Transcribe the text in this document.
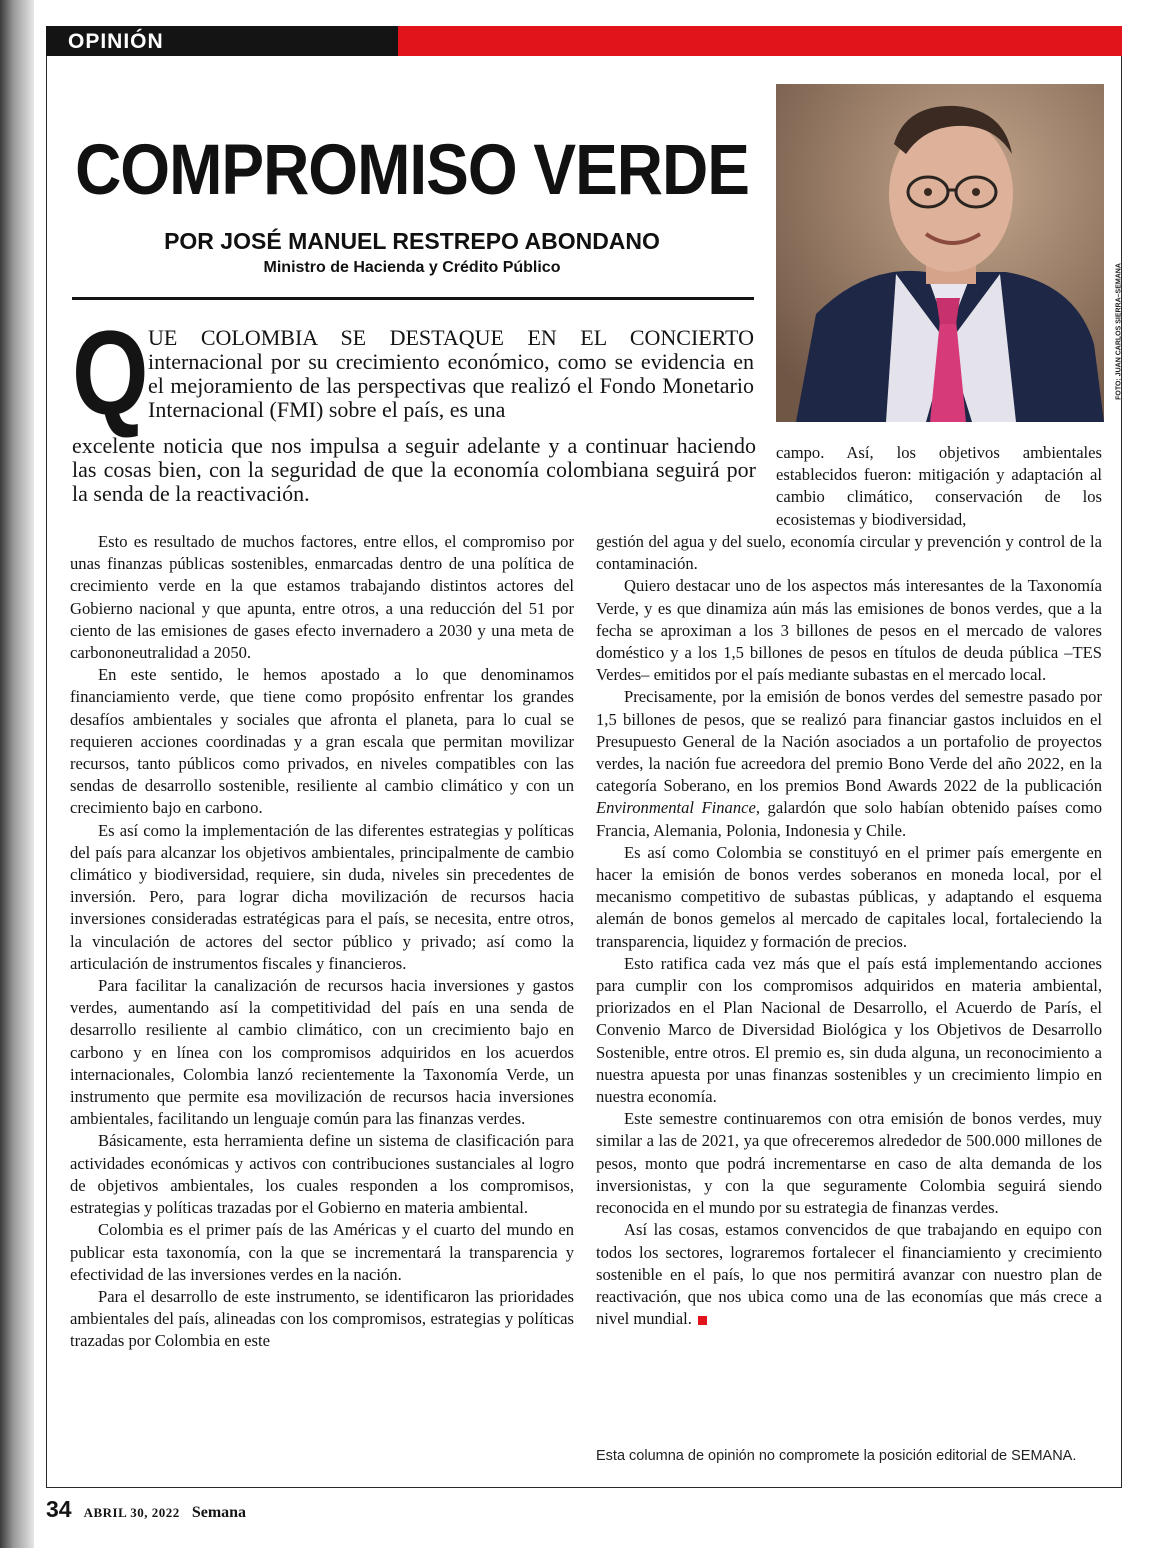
OPINIÓN
COMPROMISO VERDE
POR JOSÉ MANUEL RESTREPO ABONDANO
Ministro de Hacienda y Crédito Público	FOTO: JUAN CARLOS SIERRA–SEMANA
Q UE COLOMBIA SE DESTAQUE EN EL CONCIERTO internacional por su crecimiento económico, como se evidencia en el mejoramiento de las perspectivas que realizó el Fondo Monetario Internacional (FMI) sobre el país, es una

excelente noticia que nos impulsa a seguir adelante y a continuar haciendo las cosas bien, con la seguridad de que la economía colombiana seguirá por la senda de la reactivación.

Esto es resultado de muchos factores, entre ellos, el compromiso por unas finanzas públicas sostenibles, enmarcadas dentro de una política de crecimiento verde en la que estamos trabajando distintos actores del Gobierno nacional y que apunta, entre otros, a una reducción del 51 por ciento de las emisiones de gases efecto invernadero a 2030 y una meta de carbononeutralidad a 2050.

En este sentido, le hemos apostado a lo que denominamos financiamiento verde, que tiene como propósito enfrentar los grandes desafíos ambientales y sociales que afronta el planeta, para lo cual se requieren acciones coordinadas y a gran escala que permitan movilizar recursos, tanto públicos como privados, en niveles compatibles con las sendas de desarrollo sostenible, resiliente al cambio climático y con un crecimiento bajo en carbono.

Es así como la implementación de las diferentes estrategias y políticas del país para alcanzar los objetivos ambientales, principalmente de cambio climático y biodiversidad, requiere, sin duda, niveles sin precedentes de inversión. Pero, para lograr dicha movilización de recursos hacia inversiones consideradas estratégicas para el país, se necesita, entre otros, la vinculación de actores del sector público y privado; así como la articulación de instrumentos fiscales y financieros.

Para facilitar la canalización de recursos hacia inversiones y gastos verdes, aumentando así la competitividad del país en una senda de desarrollo resiliente al cambio climático, con un crecimiento bajo en carbono y en línea con los compromisos adquiridos en los acuerdos internacionales, Colombia lanzó recientemente la Taxonomía Verde, un instrumento que permite esa movilización de recursos hacia inversiones ambientales, facilitando un lenguaje común para las finanzas verdes.

Básicamente, esta herramienta define un sistema de clasificación para actividades económicas y activos con contribuciones sustanciales al logro de objetivos ambientales, los cuales responden a los compromisos, estrategias y políticas trazadas por el Gobierno en materia ambiental.

Colombia es el primer país de las Américas y el cuarto del mundo en publicar esta taxonomía, con la que se incrementará la transparencia y efectividad de las inversiones verdes en la nación.

Para el desarrollo de este instrumento, se identificaron las prioridades ambientales del país, alineadas con los compromisos, estrategias y políticas trazadas por Colombia en este

campo. Así, los objetivos ambientales establecidos fueron: mitigación y adaptación al cambio climático, conservación de los ecosistemas y biodiversidad,

gestión del agua y del suelo, economía circular y prevención y control de la contaminación.

Quiero destacar uno de los aspectos más interesantes de la Taxonomía Verde, y es que dinamiza aún más las emisiones de bonos verdes, que a la fecha se aproximan a los 3 billones de pesos en el mercado de valores doméstico y a los 1,5 billones de pesos en títulos de deuda pública –TES Verdes– emitidos por el país mediante subastas en el mercado local.

Precisamente, por la emisión de bonos verdes del semestre pasado por 1,5 billones de pesos, que se realizó para financiar gastos incluidos en el Presupuesto General de la Nación asociados a un portafolio de proyectos verdes, la nación fue acreedora del premio Bono Verde del año 2022, en la categoría Soberano, en los premios Bond Awards 2022 de la publicación Environmental Finance, galardón que solo habían obtenido países como Francia, Alemania, Polonia, Indonesia y Chile.

Es así como Colombia se constituyó en el primer país emergente en hacer la emisión de bonos verdes soberanos en moneda local, por el mecanismo competitivo de subastas públicas, y adaptando el esquema alemán de bonos gemelos al mercado de capitales local, fortaleciendo la transparencia, liquidez y formación de precios.

Esto ratifica cada vez más que el país está implementando acciones para cumplir con los compromisos adquiridos en materia ambiental, priorizados en el Plan Nacional de Desarrollo, el Acuerdo de París, el Convenio Marco de Diversidad Biológica y los Objetivos de Desarrollo Sostenible, entre otros. El premio es, sin duda alguna, un reconocimiento a nuestra apuesta por unas finanzas sostenibles y un crecimiento limpio en nuestra economía.

Este semestre continuaremos con otra emisión de bonos verdes, muy similar a las de 2021, ya que ofreceremos alrededor de 500.000 millones de pesos, monto que podrá incrementarse en caso de alta demanda de los inversionistas, y con la que seguramente Colombia seguirá siendo reconocida en el mundo por su estrategia de finanzas verdes.

Así las cosas, estamos convencidos de que trabajando en equipo con todos los sectores, lograremos fortalecer el financiamiento y crecimiento sostenible en el país, lo que nos permitirá avanzar con nuestro plan de reactivación, que nos ubica como una de las economías que más crece a nivel mundial.

Esta columna de opinión no compromete la posición editorial de SEMANA.
34 ABRIL 30, 2022 Semana
